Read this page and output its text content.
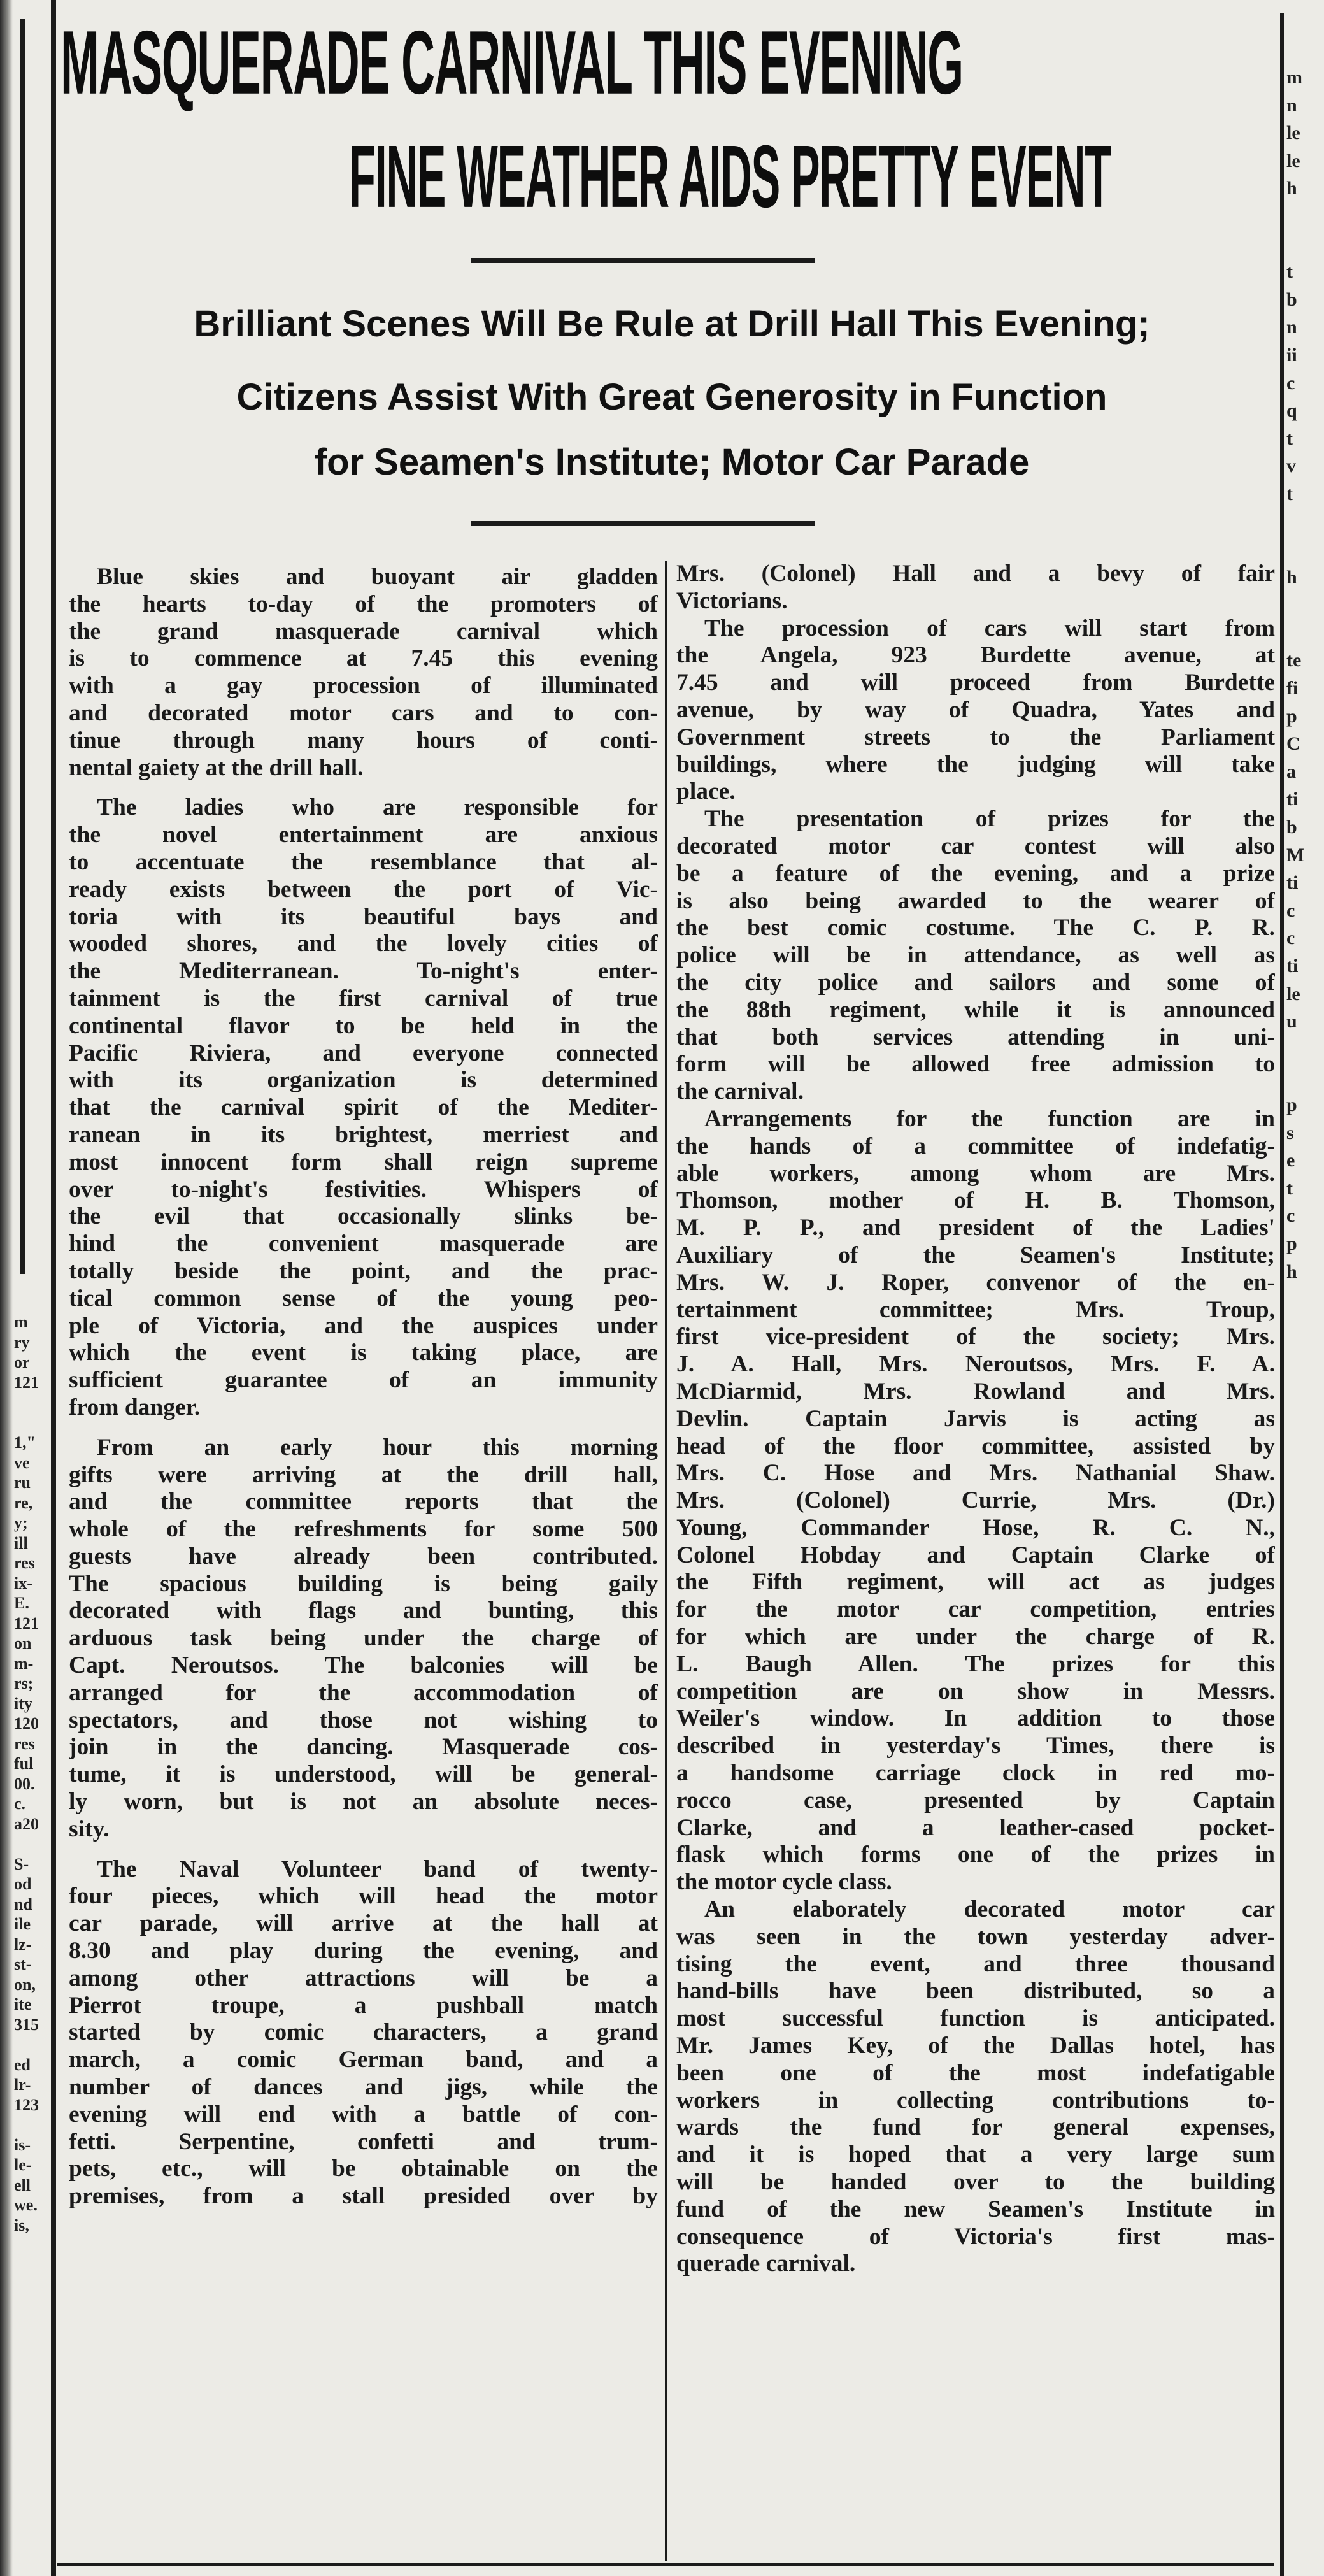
m
ry
or
121

1,"
ve
ru
re,
y;
ill
res
ix-
E.
121
on
m-
rs;
ity
120
res
ful
00.
c.
a20

S-
od
nd
ile
lz-
st-
on,
ite
315

ed
lr-
123

is-
le-
ell
we.
is,
m
n
le
le
h

t
b
n
ii
c
q
t
v
t

h

te
fi
p
C
a
ti
b
M
ti
c
c
ti
le
u

p
s
e
t
c
p
h
MASQUERADE CARNIVAL THIS EVENING
FINE WEATHER AIDS PRETTY EVENT
Brilliant Scenes Will Be Rule at Drill Hall This Evening;
Citizens Assist With Great Generosity in Function
for Seamen's Institute; Motor Car Parade
Blue skies and buoyant air gladden
the hearts to-day of the promoters of
the grand masquerade carnival which
is to commence at 7.45 this evening
with a gay procession of illuminated
and decorated motor cars and to con-
tinue through many hours of conti-
nental gaiety at the drill hall.
The ladies who are responsible for
the novel entertainment are anxious
to accentuate the resemblance that al-
ready exists between the port of Vic-
toria with its beautiful bays and
wooded shores, and the lovely cities of
the Mediterranean. To-night's enter-
tainment is the first carnival of true
continental flavor to be held in the
Pacific Riviera, and everyone connected
with its organization is determined
that the carnival spirit of the Mediter-
ranean in its brightest, merriest and
most innocent form shall reign supreme
over to-night's festivities. Whispers of
the evil that occasionally slinks be-
hind the convenient masquerade are
totally beside the point, and the prac-
tical common sense of the young peo-
ple of Victoria, and the auspices under
which the event is taking place, are
sufficient guarantee of an immunity
from danger.
From an early hour this morning
gifts were arriving at the drill hall,
and the committee reports that the
whole of the refreshments for some 500
guests have already been contributed.
The spacious building is being gaily
decorated with flags and bunting, this
arduous task being under the charge of
Capt. Neroutsos. The balconies will be
arranged for the accommodation of
spectators, and those not wishing to
join in the dancing. Masquerade cos-
tume, it is understood, will be general-
ly worn, but is not an absolute neces-
sity.
The Naval Volunteer band of twenty-
four pieces, which will head the motor
car parade, will arrive at the hall at
8.30 and play during the evening, and
among other attractions will be a
Pierrot troupe, a pushball match
started by comic characters, a grand
march, a comic German band, and a
number of dances and jigs, while the
evening will end with a battle of con-
fetti. Serpentine, confetti and trum-
pets, etc., will be obtainable on the
premises, from a stall presided over by
Mrs. (Colonel) Hall and a bevy of fair
Victorians.
The procession of cars will start from
the Angela, 923 Burdette avenue, at
7.45 and will proceed from Burdette
avenue, by way of Quadra, Yates and
Government streets to the Parliament
buildings, where the judging will take
place.
The presentation of prizes for the
decorated motor car contest will also
be a feature of the evening, and a prize
is also being awarded to the wearer of
the best comic costume. The C. P. R.
police will be in attendance, as well as
the city police and sailors and some of
the 88th regiment, while it is announced
that both services attending in uni-
form will be allowed free admission to
the carnival.
Arrangements for the function are in
the hands of a committee of indefatig-
able workers, among whom are Mrs.
Thomson, mother of H. B. Thomson,
M. P. P., and president of the Ladies'
Auxiliary of the Seamen's Institute;
Mrs. W. J. Roper, convenor of the en-
tertainment committee; Mrs. Troup,
first vice-president of the society; Mrs.
J. A. Hall, Mrs. Neroutsos, Mrs. F. A.
McDiarmid, Mrs. Rowland and Mrs.
Devlin. Captain Jarvis is acting as
head of the floor committee, assisted by
Mrs. C. Hose and Mrs. Nathanial Shaw.
Mrs. (Colonel) Currie, Mrs. (Dr.)
Young, Commander Hose, R. C. N.,
Colonel Hobday and Captain Clarke of
the Fifth regiment, will act as judges
for the motor car competition, entries
for which are under the charge of R.
L. Baugh Allen. The prizes for this
competition are on show in Messrs.
Weiler's window. In addition to those
described in yesterday's Times, there is
a handsome carriage clock in red mo-
rocco case, presented by Captain
Clarke, and a leather-cased pocket-
flask which forms one of the prizes in
the motor cycle class.
An elaborately decorated motor car
was seen in the town yesterday adver-
tising the event, and three thousand
hand-bills have been distributed, so a
most successful function is anticipated.
Mr. James Key, of the Dallas hotel, has
been one of the most indefatigable
workers in collecting contributions to-
wards the fund for general expenses,
and it is hoped that a very large sum
will be handed over to the building
fund of the new Seamen's Institute in
consequence of Victoria's first mas-
querade carnival.
